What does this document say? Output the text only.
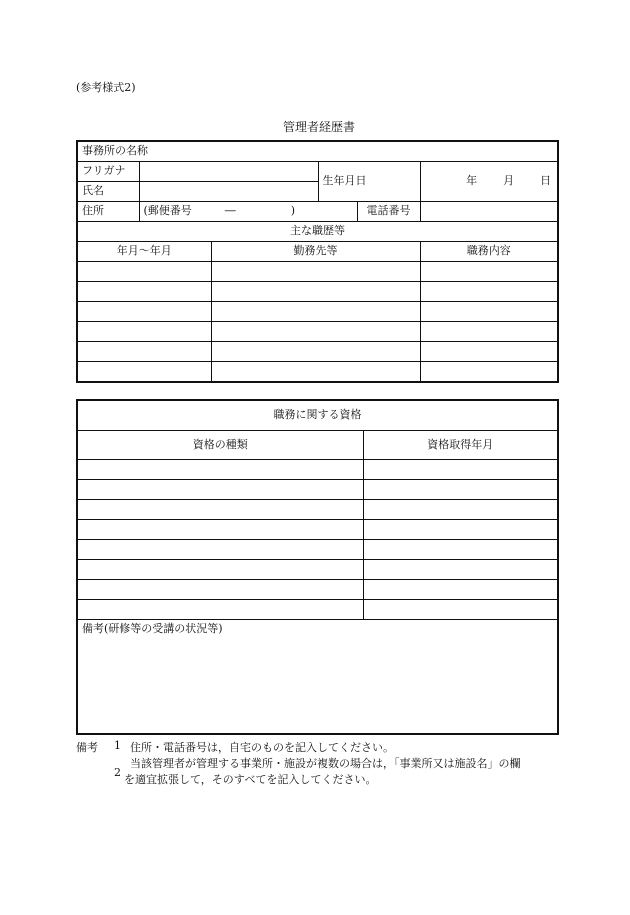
(参考様式2)
管理者経歴書
事務所の名称					
フリガナ			生年月日		年 月 日
氏名					
住所	(郵便番号　　　―　　　　　)			電話番号	
主な職歴等					
年月～年月		勤務先等			職務内容

職務に関する資格	
資格の種類	資格取得年月

備考(研修等の受講の状況等)	
備考 1 住所・電話番号は，自宅のものを記入してください。
当該管理者が管理する事業所・施設が複数の場合は，「事業所又は施設名」の欄
2
を適宜拡張して，そのすべてを記入してください。
